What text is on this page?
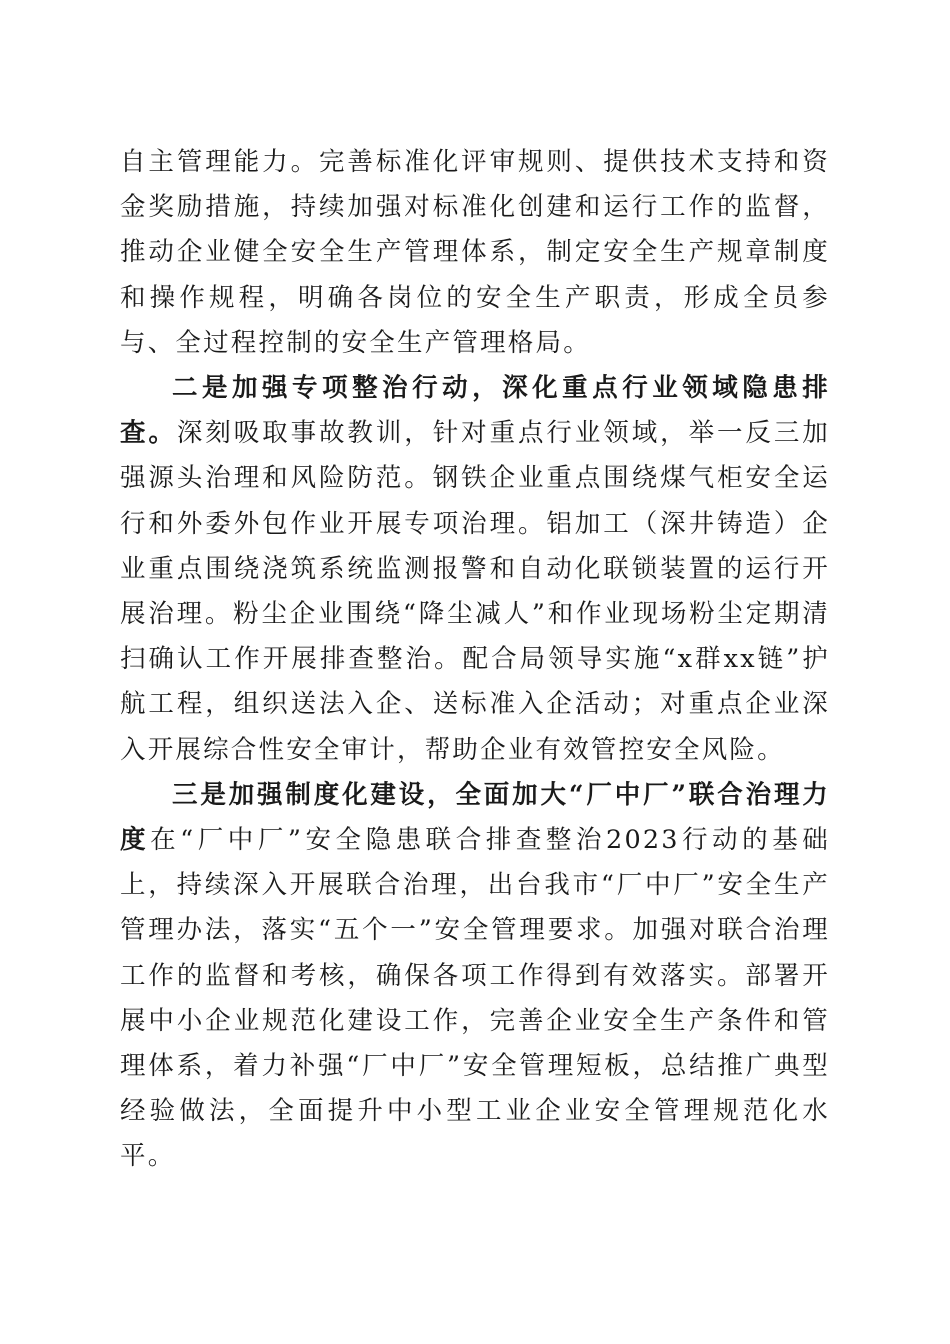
自主管理能力。完善标准化评审规则、提供技术支持和资金奖励措施，持续加强对标准化创建和运行工作的监督，推动企业健全安全生产管理体系，制定安全生产规章制度和操作规程，明确各岗位的安全生产职责，形成全员参与、全过程控制的安全生产管理格局。

二是加强专项整治行动，深化重点行业领域隐患排查。深刻吸取事故教训，针对重点行业领域，举一反三加强源头治理和风险防范。钢铁企业重点围绕煤气柜安全运行和外委外包作业开展专项治理。铝加工（深井铸造）企业重点围绕浇筑系统监测报警和自动化联锁装置的运行开展治理。粉尘企业围绕“降尘减人”和作业现场粉尘定期清扫确认工作开展排查整治。配合局领导实施“x群xx链”护航工程，组织送法入企、送标准入企活动；对重点企业深入开展综合性安全审计，帮助企业有效管控安全风险。

三是加强制度化建设，全面加大“厂中厂”联合治理力度在“厂中厂”安全隐患联合排查整治2023行动的基础上，持续深入开展联合治理，出台我市“厂中厂”安全生产管理办法，落实“五个一”安全管理要求。加强对联合治理工作的监督和考核，确保各项工作得到有效落实。部署开展中小企业规范化建设工作，完善企业安全生产条件和管理体系，着力补强“厂中厂”安全管理短板，总结推广典型经验做法，全面提升中小型工业企业安全管理规范化水平。
